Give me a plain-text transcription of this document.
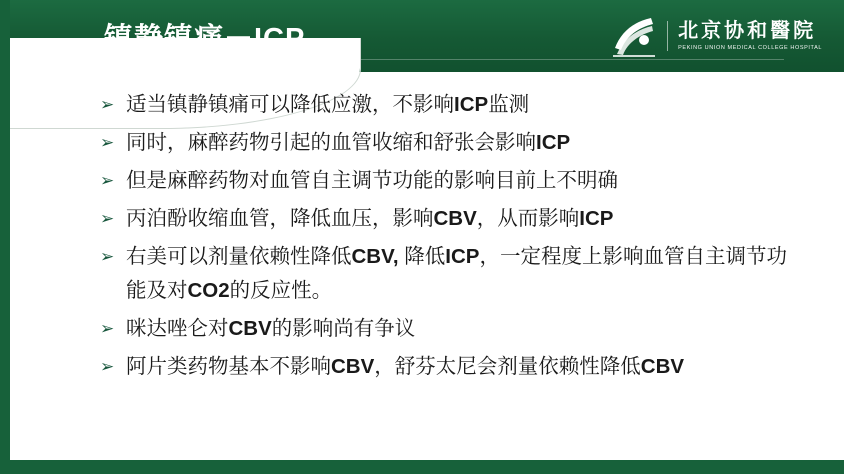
北京协和醫院
PEKING UNION MEDICAL COLLEGE HOSPITAL
➢ 适当镇静镇痛可以降低应激，不影响ICP监测
➢ 同时，麻醉药物引起的血管收缩和舒张会影响ICP
➢ 但是麻醉药物对血管自主调节功能的影响目前上不明确
➢ 丙泊酚收缩血管，降低血压，影响CBV，从而影响ICP
➢ 右美可以剂量依赖性降低CBV, 降低ICP，一定程度上影响血管自主调节功能及对CO2的反应性。
➢ 咪达唑仑对CBV的影响尚有争议
➢ 阿片类药物基本不影响CBV，舒芬太尼会剂量依赖性降低CBV
